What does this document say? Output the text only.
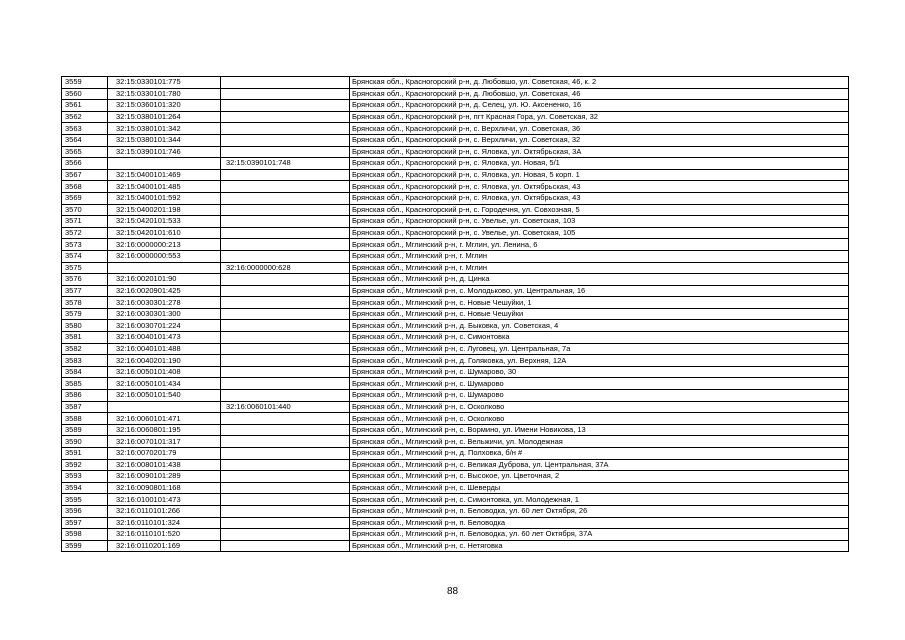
3559	32:15:0330101:775		Брянская обл., Красногорский р-н, д. Любовшо, ул. Советская, 46, к. 2
3560	32:15:0330101:780		Брянская обл., Красногорский р-н, д. Любовшо, ул. Советская, 46
3561	32:15:0360101:320		Брянская обл., Красногорский р-н, д. Селец, ул. Ю. Аксененко, 16
3562	32:15:0380101:264		Брянская обл., Красногорский р-н, пгт Красная Гора, ул. Советская, 32
3563	32:15:0380101:342		Брянская обл., Красногорский р-н, с. Верхличи, ул. Советская, 36
3564	32:15:0380101:344		Брянская обл., Красногорский р-н, с. Верхличи, ул. Советская, 32
3565	32:15:0390101:746		Брянская обл., Красногорский р-н, с. Яловка, ул. Октябрьская, 3А
3566		32:15:0390101:748	Брянская обл., Красногорский р-н, с. Яловка, ул. Новая, 5/1
3567	32:15:0400101:469		Брянская обл., Красногорский р-н, с. Яловка, ул. Новая, 5 корп. 1
3568	32:15:0400101:485		Брянская обл., Красногорский р-н, с. Яловка, ул. Октябрьская, 43
3569	32:15:0400101:592		Брянская обл., Красногорский р-н, с. Яловка, ул. Октябрьская, 43
3570	32:15:0400201:198		Брянская обл., Красногорский р-н, с. Городечня, ул. Совхозная, 5
3571	32:15:0420101:533		Брянская обл., Красногорский р-н, с. Увелье, ул. Советская, 103
3572	32:15:0420101:610		Брянская обл., Красногорский р-н, с. Увелье, ул. Советская, 105
3573	32:16:0000000:213		Брянская обл., Мглинский р-н, г. Мглин, ул. Ленина, 6
3574	32:16:0000000:553		Брянская обл., Мглинский р-н, г. Мглин
3575		32:16:0000000:628	Брянская обл., Мглинский р-н, г. Мглин
3576	32:16:0020101:90		Брянская обл., Мглинский р-н, д. Цинка
3577	32:16:0020901:425		Брянская обл., Мглинский р-н, с. Молодьково, ул. Центральная, 16
3578	32:16:0030301:278		Брянская обл., Мглинский р-н, с. Новые Чешуйки, 1
3579	32:16:0030301:300		Брянская обл., Мглинский р-н, с. Новые Чешуйки
3580	32:16:0030701:224		Брянская обл., Мглинский р-н, д. Быковка, ул. Советская, 4
3581	32:16:0040101:473		Брянская обл., Мглинский р-н, с. Симонтовка
3582	32:16:0040101:488		Брянская обл., Мглинский р-н, с. Луговец, ул. Центральная, 7а
3583	32:16:0040201:190		Брянская обл., Мглинский р-н, д. Голяковка, ул. Верхняя, 12А
3584	32:16:0050101:408		Брянская обл., Мглинский р-н, с. Шумарово, 30
3585	32:16:0050101:434		Брянская обл., Мглинский р-н, с. Шумарово
3586	32:16:0050101:540		Брянская обл., Мглинский р-н, с. Шумарово
3587		32:16:0060101:440	Брянская обл., Мглинский р-н, с. Осколково
3588	32:16:0060101:471		Брянская обл., Мглинский р-н, с. Осколково
3589	32:16:0060801:195		Брянская обл., Мглинский р-н, с. Вормино, ул. Имени Новикова, 13
3590	32:16:0070101:317		Брянская обл., Мглинский р-н, с. Вельжичи, ул. Молодежная
3591	32:16:0070201:79		Брянская обл., Мглинский р-н, д. Полховка, б/н #
3592	32:16:0080101:438		Брянская обл., Мглинский р-н, с. Великая Дуброва, ул. Центральная, 37А
3593	32:16:0090101:289		Брянская обл., Мглинский р-н, с. Высокое, ул. Цветочная, 2
3594	32:16:0090801:168		Брянская обл., Мглинский р-н, с. Шеверды
3595	32:16:0100101:473		Брянская обл., Мглинский р-н, с. Симонтовка, ул. Молодежная, 1
3596	32:16:0110101:266		Брянская обл., Мглинский р-н, п. Беловодка, ул. 60 лет Октября, 26
3597	32:16:0110101:324		Брянская обл., Мглинский р-н, п. Беловодка
3598	32:16:0110101:520		Брянская обл., Мглинский р-н, п. Беловодка, ул. 60 лет Октября, 37А
3599	32:16:0110201:169		Брянская обл., Мглинский р-н, с. Нетяговка
88
